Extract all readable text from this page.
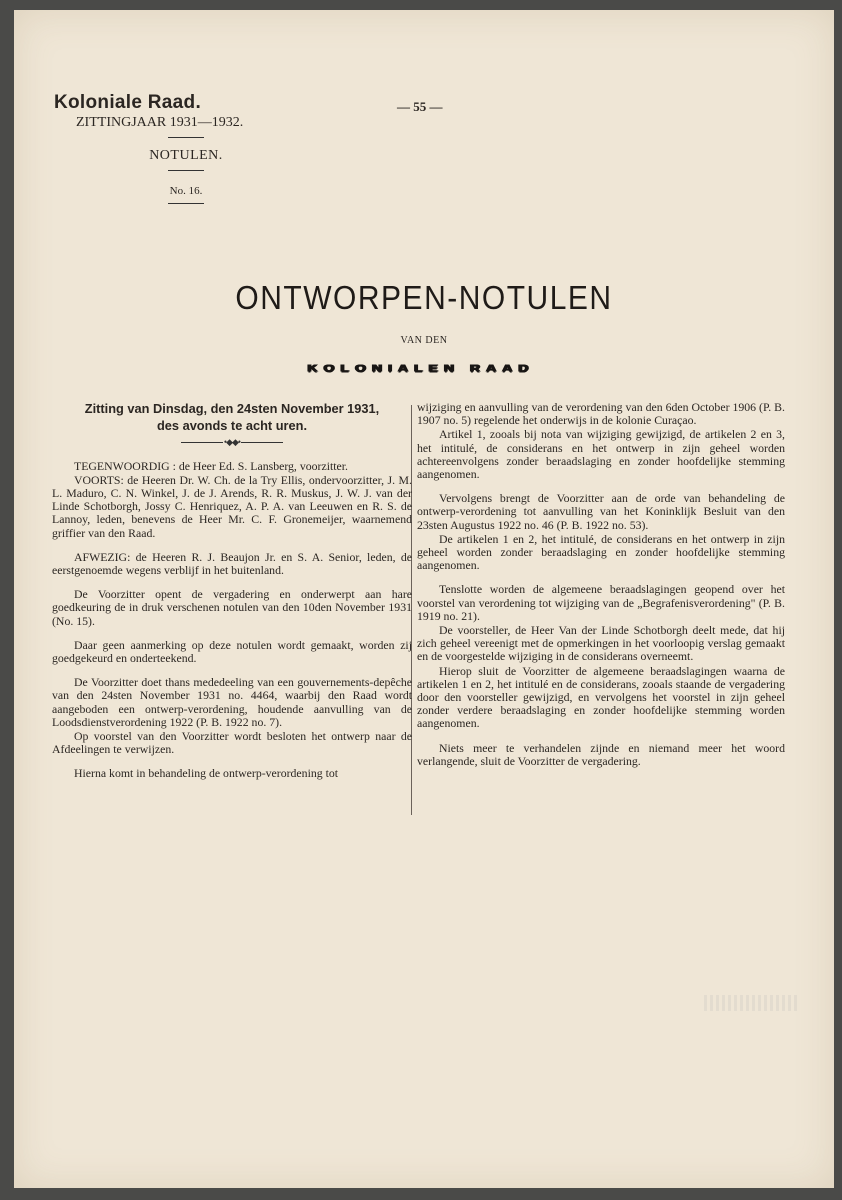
Koloniale Raad.
ZITTINGJAAR 1931—1932.
NOTULEN.
No. 16.
— 55 —
ONTWORPEN-NOTULEN
VAN DEN
KOLONIALEN RAAD
Zitting van Dinsdag, den 24sten November 1931,
des avonds te acht uren.
•◆◆•

TEGENWOORDIG : de Heer Ed. S. Lansberg, voorzitter.

VOORTS: de Heeren Dr. W. Ch. de la Try Ellis, ondervoorzitter, J. M. L. Maduro, C. N. Winkel, J. de J. Arends, R. R. Muskus, J. W. J. van der Linde Schotborgh, Jossy C. Henriquez, A. P. A. van Leeuwen en R. S. de Lannoy, leden, benevens de Heer Mr. C. F. Gronemeijer, waarnemend griffier van den Raad.

AFWEZIG: de Heeren R. J. Beaujon Jr. en S. A. Senior, leden, de eerstgenoemde wegens verblijf in het buitenland.

De Voorzitter opent de vergadering en onderwerpt aan hare goedkeuring de in druk verschenen notulen van den 10den November 1931 (No. 15).

Daar geen aanmerking op deze notulen wordt gemaakt, worden zij goedgekeurd en onderteekend.

De Voorzitter doet thans mededeeling van een gouvernements-depêche van den 24sten November 1931 no. 4464, waarbij den Raad wordt aangeboden een ontwerp-verordening, houdende aanvulling van de Loodsdienstverordening 1922 (P. B. 1922 no. 7).

Op voorstel van den Voorzitter wordt besloten het ontwerp naar de Afdeelingen te verwijzen.

Hierna komt in behandeling de ontwerp-verordening tot

wijziging en aanvulling van de verordening van den 6den October 1906 (P. B. 1907 no. 5) regelende het onderwijs in de kolonie Curaçao.

Artikel 1, zooals bij nota van wijziging gewijzigd, de artikelen 2 en 3, het intitulé, de considerans en het ontwerp in zijn geheel worden achtereenvolgens zonder beraadslaging en zonder hoofdelijke stemming aangenomen.

Vervolgens brengt de Voorzitter aan de orde van behandeling de ontwerp-verordening tot aanvulling van het Koninklijk Besluit van den 23sten Augustus 1922 no. 46 (P. B. 1922 no. 53).

De artikelen 1 en 2, het intitulé, de considerans en het ontwerp in zijn geheel worden zonder beraadslaging en zonder hoofdelijke stemming aangenomen.

Tenslotte worden de algemeene beraadslagingen geopend over het voorstel van verordening tot wijziging van de „Begrafenisverordening" (P. B. 1919 no. 21).

De voorsteller, de Heer Van der Linde Schotborgh deelt mede, dat hij zich geheel vereenigt met de opmerkingen in het voorloopig verslag gemaakt en de voorgestelde wijziging in de considerans overneemt.

Hierop sluit de Voorzitter de algemeene beraadslagingen waarna de artikelen 1 en 2, het intitulé en de considerans, zooals staande de vergadering door den voorsteller gewijzigd, en vervolgens het voorstel in zijn geheel zonder verdere beraadslaging en zonder hoofdelijke stemming worden aangenomen.

Niets meer te verhandelen zijnde en niemand meer het woord verlangende, sluit de Voorzitter de vergadering.
